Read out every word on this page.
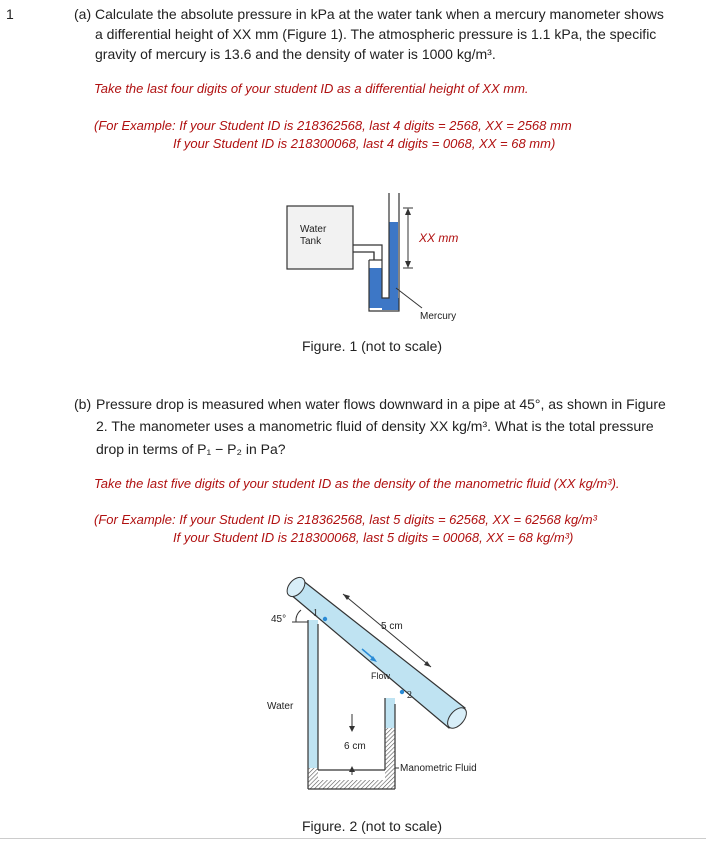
1	(a) Calculate the absolute pressure in kPa at the water tank when a mercury manometer shows
a differential height of XX mm (Figure 1). The atmospheric pressure is 1.1 kPa, the specific
gravity of mercury is 13.6 and the density of water is 1000 kg/m³.
Take the last four digits of your student ID as a differential height of XX mm.
(For Example: If your Student ID is 218362568, last 4 digits = 2568, XX = 2568 mm
If your Student ID is 218300068, last 4 digits = 0068, XX = 68 mm)
Water
Tank	XX mm
Mercury
Figure. 1 (not to scale)
(b) Pressure drop is measured when water flows downward in a pipe at 45°, as shown in Figure
2. The manometer uses a manometric fluid of density XX kg/m³. What is the total pressure
drop in terms of P₁ − P₂ in Pa?
Take the last five digits of your student ID as the density of the manometric fluid (XX kg/m³).
(For Example: If your Student ID is 218362568, last 5 digits = 62568, XX = 62568 kg/m³
If your Student ID is 218300068, last 5 digits = 00068, XX = 68 kg/m³)
45°
1
2
5 cm
Flow
Water
6 cm
Manometric Fluid
Figure. 2 (not to scale)
